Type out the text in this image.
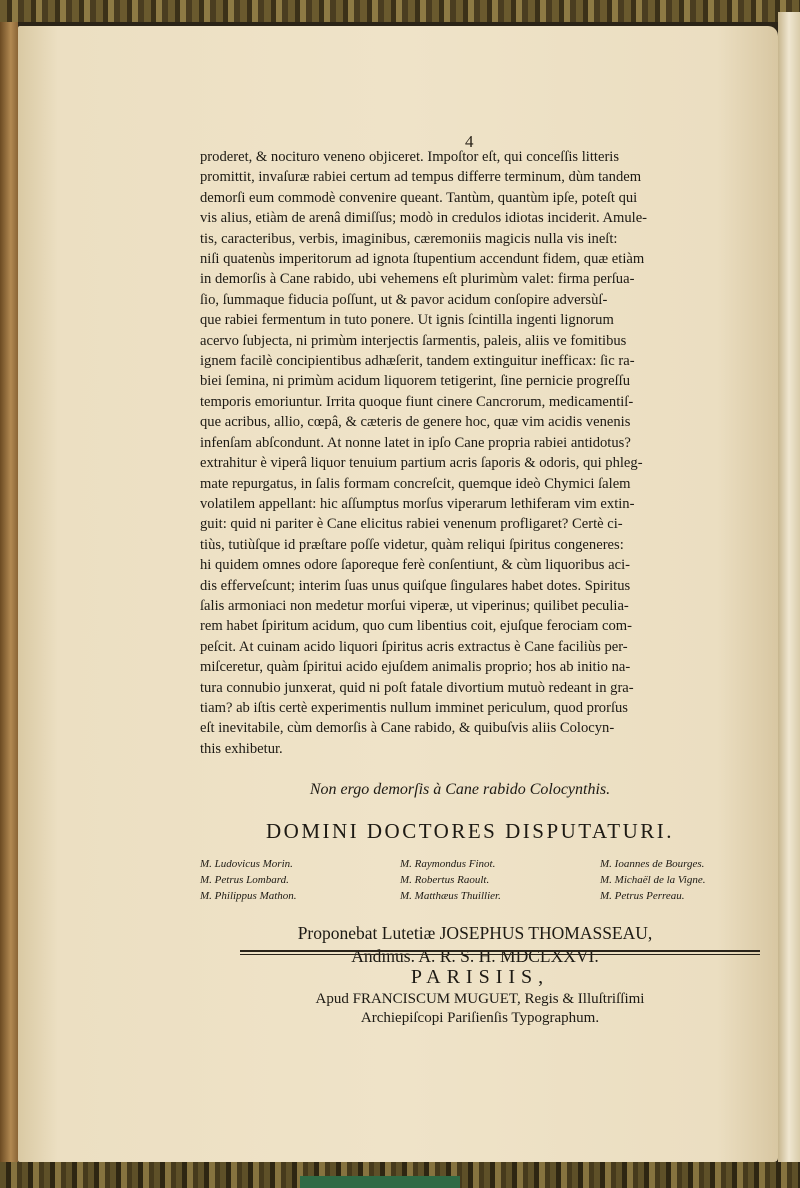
4

proderet, & nocituro veneno objiceret. Impoſtor eſt, qui conceſſis litteris
promittit, invaſuræ rabiei certum ad tempus differre terminum, dùm tandem
demorſi eum commodè convenire queant. Tantùm, quantùm ipſe, poteſt qui
vis alius, etiàm de arenâ dimiſſus; modò in credulos idiotas inciderit. Amule-
tis, caracteribus, verbis, imaginibus, cæremoniis magicis nulla vis ineſt:
niſi quatenùs imperitorum ad ignota ſtupentium accendunt fidem, quæ etiàm
in demorſis à Cane rabido, ubi vehemens eſt plurimùm valet: firma perſua-
ſio, ſummaque fiducia poſſunt, ut & pavor acidum conſopire adversùſ-
que rabiei fermentum in tuto ponere. Ut ignis ſcintilla ingenti lignorum
acervo ſubjecta, ni primùm interjectis ſarmentis, paleis, aliis ve fomitibus
ignem facilè concipientibus adhæſerit, tandem extinguitur inefficax: ſic ra-
biei ſemina, ni primùm acidum liquorem tetigerint, ſine pernicie progreſſu
temporis emoriuntur. Irrita quoque fiunt cinere Cancrorum, medicamentiſ-
que acribus, allio, cœpâ, & cæteris de genere hoc, quæ vim acidis venenis
infenſam abſcondunt. At nonne latet in ipſo Cane propria rabiei antidotus?
extrahitur è viperâ liquor tenuium partium acris ſaporis & odoris, qui phleg-
mate repurgatus, in ſalis formam concreſcit, quemque ideò Chymici ſalem
volatilem appellant: hic aſſumptus morſus viperarum lethiferam vim extin-
guit: quid ni pariter è Cane elicitus rabiei venenum profligaret? Certè ci-
tiùs, tutiùſque id præſtare poſſe videtur, quàm reliqui ſpiritus congeneres:
hi quidem omnes odore ſaporeque ferè conſentiunt, & cùm liquoribus aci-
dis efferveſcunt; interim ſuas unus quiſque ſingulares habet dotes. Spiritus
ſalis armoniaci non medetur morſui viperæ, ut viperinus; quilibet peculia-
rem habet ſpiritum acidum, quo cum libentius coit, ejuſque ferociam com-
peſcit. At cuinam acido liquori ſpiritus acris extractus è Cane faciliùs per-
miſceretur, quàm ſpiritui acido ejuſdem animalis proprio; hos ab initio na-
tura connubio junxerat, quid ni poſt fatale divortium mutuò redeant in gra-
tiam? ab iſtis certè experimentis nullum imminet periculum, quod prorſus
eſt inevitabile, cùm demorſis à Cane rabido, & quibuſvis aliis Colocyn-
this exhibetur.

Non ergo demorſis à Cane rabido Colocynthis.
DOMINI DOCTORES DISPUTATURI.
M. Ludovicus Morin.	M. Raymondus Finot.	M. Ioannes de Bourges.
M. Petrus Lombard.	M. Robertus Raoult.	M. Michaël de la Vigne.
M. Philippus Mathon.	M. Matthæus Thuillier.	M. Petrus Perreau.
Proponebat Lutetiæ JOSEPHUS THOMASSEAU,
Andinus. A. R. S. H. MDCLXXVI.
PARISIIS,
Apud FRANCISCUM MUGUET, Regis & Illuſtriſſimi
Archiepiſcopi Pariſienſis Typographum.
